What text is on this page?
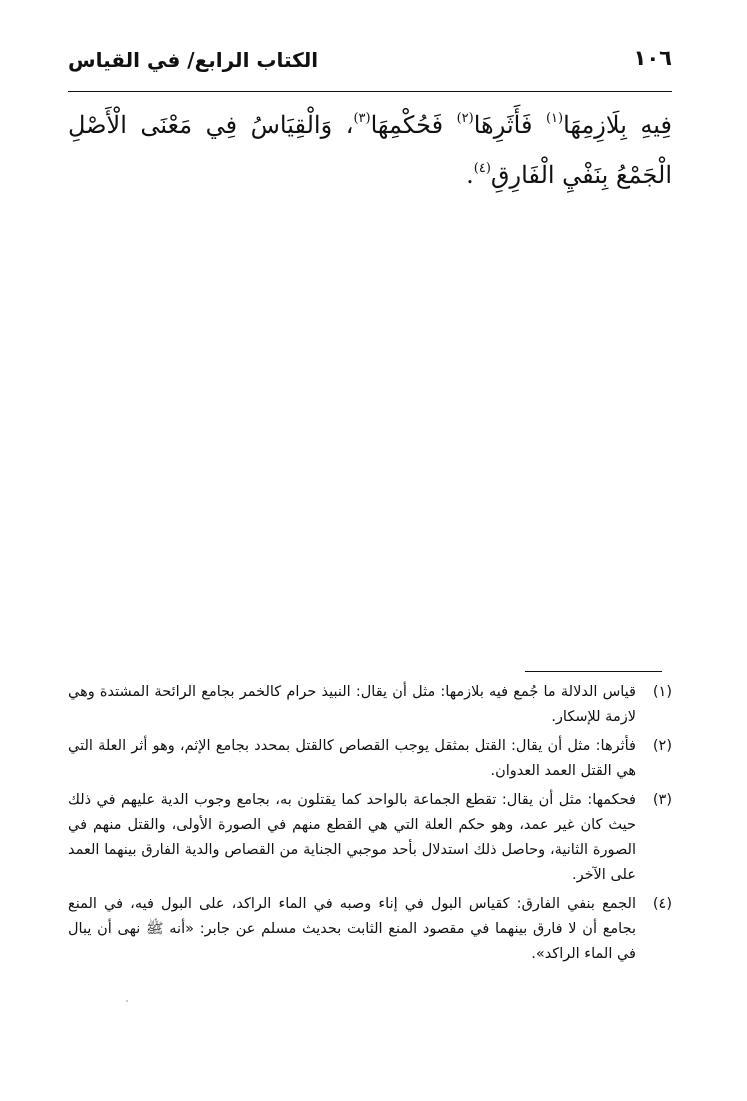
١٠٦
الكتاب الرابع/ في القياس
فِيهِ بِلَازِمِهَا$^{(١)}$ فَأَثَرِهَا$^{(٢)}$ فَحُكْمِهَا$^{(٣)}$، وَالْقِيَاسُ فِي مَعْنَى الْأَصْلِ الْجَمْعُ بِنَفْيِ الْفَارِقِ$^{(٤)}$.
(١)
قياس الدلالة ما جُمع فيه بلازمها: مثل أن يقال: النبيذ حرام كالخمر بجامع الرائحة المشتدة وهي لازمة للإسكار.
(٢)
فأثرها: مثل أن يقال: القتل بمثقل يوجب القصاص كالقتل بمحدد بجامع الإثم، وهو أثر العلة التي هي القتل العمد العدوان.
(٣)
فحكمها: مثل أن يقال: تقطع الجماعة بالواحد كما يقتلون به، بجامع وجوب الدية عليهم في ذلك حيث كان غير عمد، وهو حكم العلة التي هي القطع منهم في الصورة الأولى، والقتل منهم في الصورة الثانية، وحاصل ذلك استدلال بأحد موجبي الجناية من القصاص والدية الفارق بينهما العمد على الآخر.
(٤)
الجمع بنفي الفارق: كقياس البول في إناء وصبه في الماء الراكد، على البول فيه، في المنع بجامع أن لا فارق بينهما في مقصود المنع الثابت بحديث مسلم عن جابر: «أنه ﷺ نهى أن يبال في الماء الراكد».
